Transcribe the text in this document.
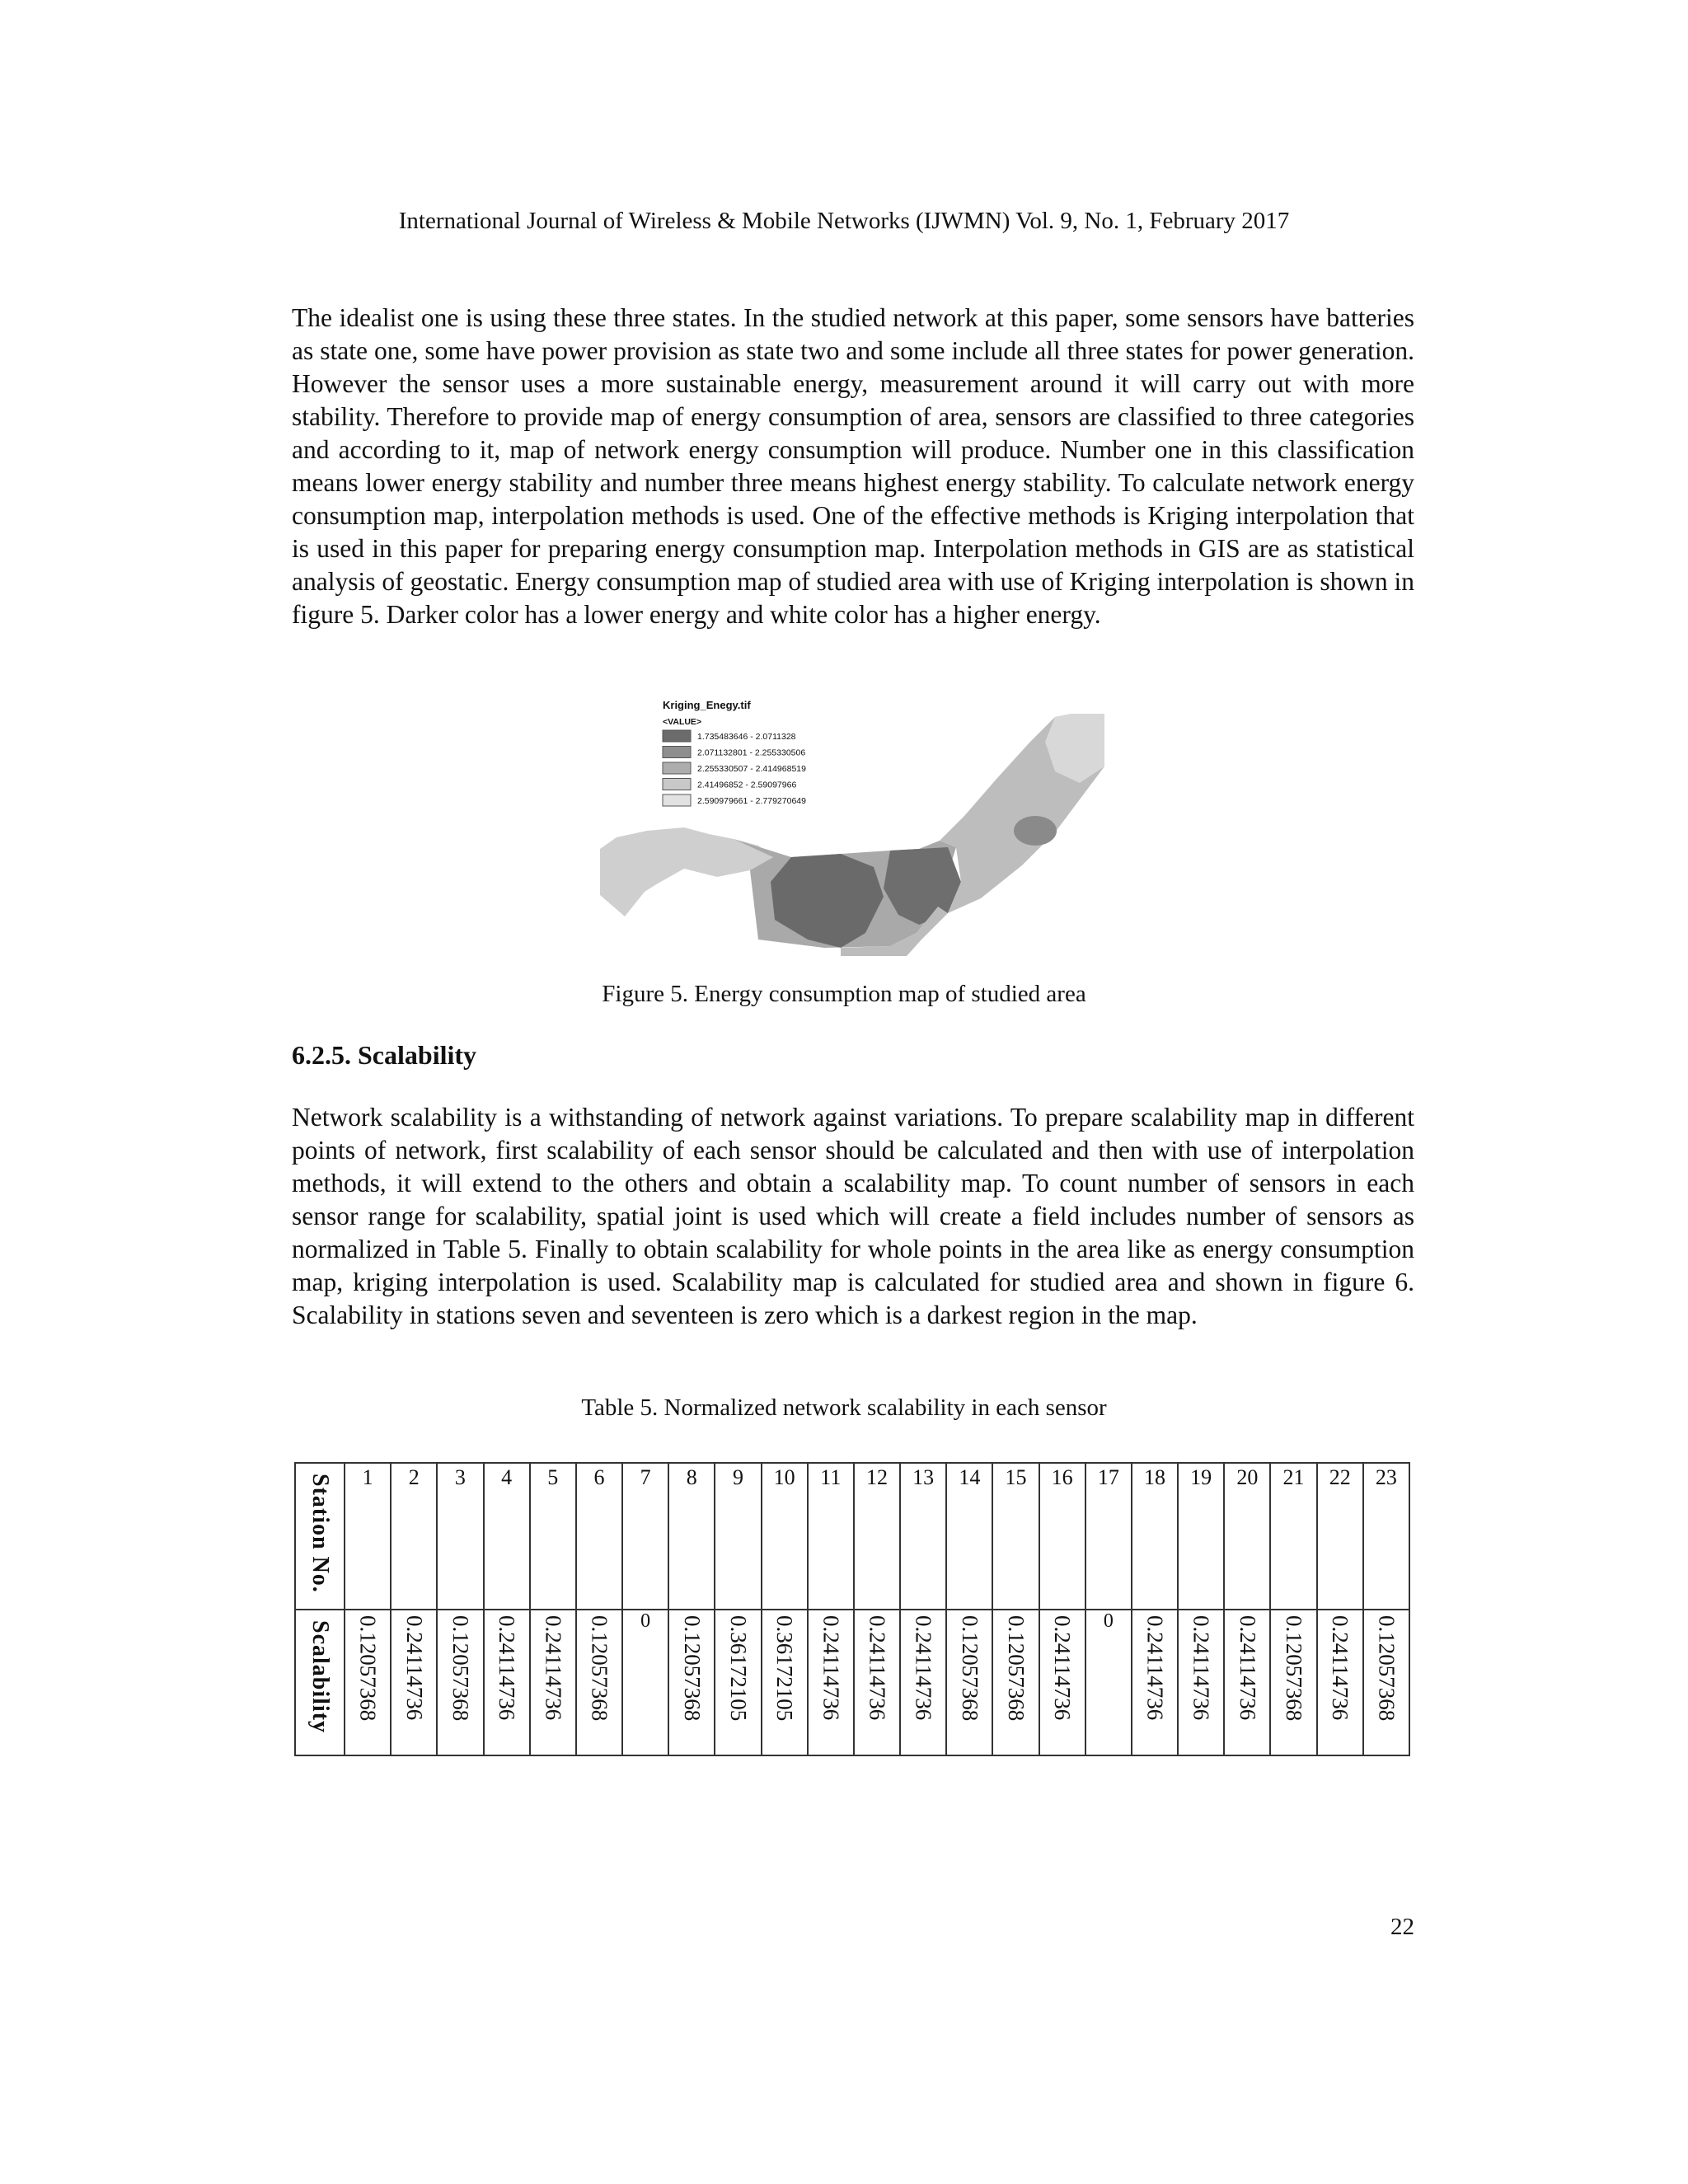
International Journal of Wireless & Mobile Networks (IJWMN) Vol. 9, No. 1, February 2017

The idealist one is using these three states. In the studied network at this paper, some sensors have batteries as state one, some have power provision as state two and some include all three states for power generation. However the sensor uses a more sustainable energy, measurement around it will carry out with more stability. Therefore to provide map of energy consumption of area, sensors are classified to three categories and according to it, map of network energy consumption will produce. Number one in this classification means lower energy stability and number three means highest energy stability. To calculate network energy consumption map, interpolation methods is used. One of the effective methods is Kriging interpolation that is used in this paper for preparing energy consumption map. Interpolation methods in GIS are as statistical analysis of geostatic. Energy consumption map of studied area with use of Kriging interpolation is shown in figure 5. Darker color has a lower energy and white color has a higher energy.

Kriging_Enegy.tif
<VALUE>
1.735483646 - 2.0711328
2.071132801 - 2.255330506
2.255330507 - 2.414968519
2.41496852 - 2.59097966
2.590979661 - 2.779270649
Figure 5. Energy consumption map of studied area
6.2.5. Scalability

Network scalability is a withstanding of network against variations. To prepare scalability map in different points of network, first scalability of each sensor should be calculated and then with use of interpolation methods, it will extend to the others and obtain a scalability map. To count number of sensors in each sensor range for scalability, spatial joint is used which will create a field includes number of sensors as normalized in Table 5. Finally to obtain scalability for whole points in the area like as energy consumption map, kriging interpolation is used. Scalability map is calculated for studied area and shown in figure 6. Scalability in stations seven and seventeen is zero which is a darkest region in the map.

Table 5. Normalized network scalability in each sensor
Station No.	1	2	3	4	5	6	7	8	9	10	11	12	13	14	15	16	17	18	19	20	21	22	23
Scalability	0.12057368	0.24114736	0.12057368	0.24114736	0.24114736	0.12057368	0	0.12057368	0.36172105	0.36172105	0.24114736	0.24114736	0.24114736	0.12057368	0.12057368	0.24114736	0	0.24114736	0.24114736	0.24114736	0.12057368	0.24114736	0.12057368
22
